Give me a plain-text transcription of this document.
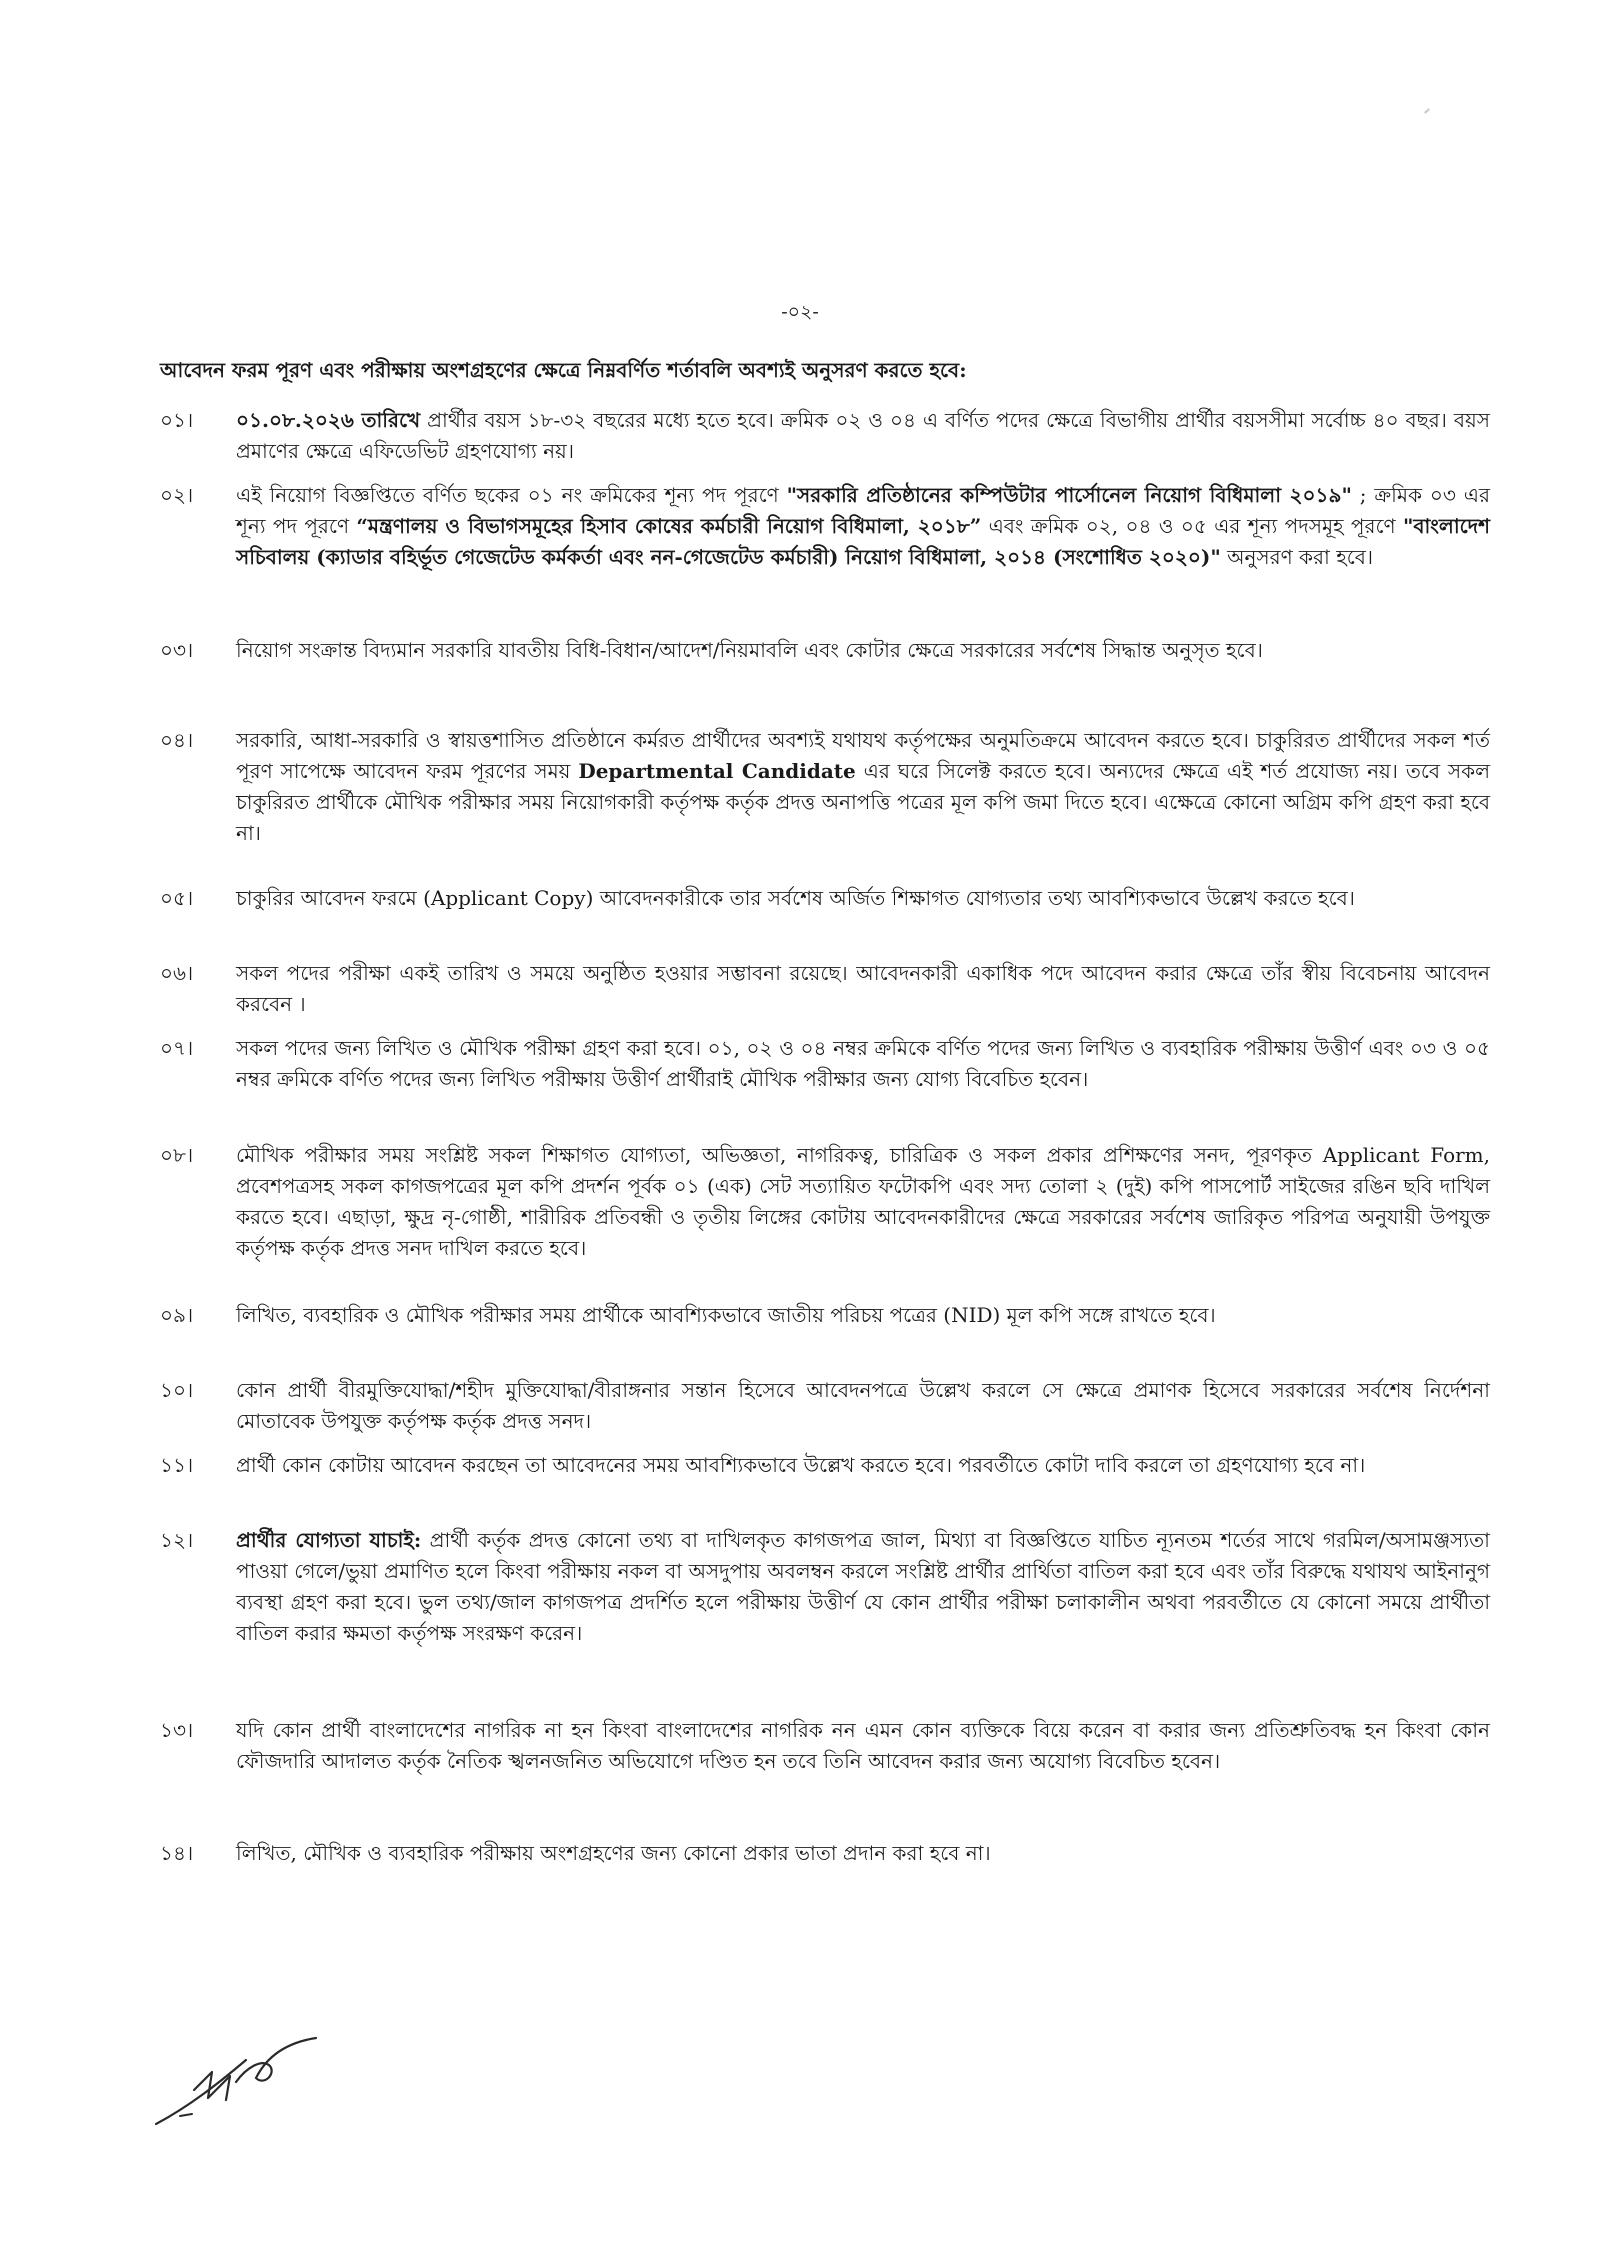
-০২-
আবেদন ফরম পূরণ এবং পরীক্ষায় অংশগ্রহণের ক্ষেত্রে নিম্নবর্ণিত শর্তাবলি অবশ্যই অনুসরণ করতে হবে:
০১।	০১.০৮.২০২৬ তারিখে প্রার্থীর বয়স ১৮-৩২ বছরের মধ্যে হতে হবে। ক্রমিক ০২ ও ০৪ এ বর্ণিত পদের ক্ষেত্রে বিভাগীয় প্রার্থীর বয়সসীমা সর্বোচ্চ ৪০ বছর। বয়স প্রমাণের ক্ষেত্রে এফিডেভিট গ্রহণযোগ্য নয়।
০২।	এই নিয়োগ বিজ্ঞপ্তিতে বর্ণিত ছকের ০১ নং ক্রমিকের শূন্য পদ পূরণে "সরকারি প্রতিষ্ঠানের কম্পিউটার পার্সোনেল নিয়োগ বিধিমালা ২০১৯" ; ক্রমিক ০৩ এর শূন্য পদ পূরণে “মন্ত্রণালয় ও বিভাগসমূহের হিসাব কোষের কর্মচারী নিয়োগ বিধিমালা, ২০১৮” এবং ক্রমিক ০২, ০৪ ও ০৫ এর শূন্য পদসমূহ পূরণে "বাংলাদেশ সচিবালয় (ক্যাডার বহির্ভূত গেজেটেড কর্মকর্তা এবং নন-গেজেটেড কর্মচারী) নিয়োগ বিধিমালা, ২০১৪ (সংশোধিত ২০২০)" অনুসরণ করা হবে।
০৩।	নিয়োগ সংক্রান্ত বিদ্যমান সরকারি যাবতীয় বিধি-বিধান/আদেশ/নিয়মাবলি এবং কোটার ক্ষেত্রে সরকারের সর্বশেষ সিদ্ধান্ত অনুসৃত হবে।
০৪।	সরকারি, আধা-সরকারি ও স্বায়ত্তশাসিত প্রতিষ্ঠানে কর্মরত প্রার্থীদের অবশ্যই যথাযথ কর্তৃপক্ষের অনুমতিক্রমে আবেদন করতে হবে। চাকুরিরত প্রার্থীদের সকল শর্ত পূরণ সাপেক্ষে আবেদন ফরম পূরণের সময় Departmental Candidate এর ঘরে সিলেক্ট করতে হবে। অন্যদের ক্ষেত্রে এই শর্ত প্রযোজ্য নয়। তবে সকল চাকুরিরত প্রার্থীকে মৌখিক পরীক্ষার সময় নিয়োগকারী কর্তৃপক্ষ কর্তৃক প্রদত্ত অনাপত্তি পত্রের মূল কপি জমা দিতে হবে। এক্ষেত্রে কোনো অগ্রিম কপি গ্রহণ করা হবে না।
০৫।	চাকুরির আবেদন ফরমে (Applicant Copy) আবেদনকারীকে তার সর্বশেষ অর্জিত শিক্ষাগত যোগ্যতার তথ্য আবশ্যিকভাবে উল্লেখ করতে হবে।
০৬।	সকল পদের পরীক্ষা একই তারিখ ও সময়ে অনুষ্ঠিত হওয়ার সম্ভাবনা রয়েছে। আবেদনকারী একাধিক পদে আবেদন করার ক্ষেত্রে তাঁর স্বীয় বিবেচনায় আবেদন করবেন ।
০৭।	সকল পদের জন্য লিখিত ও মৌখিক পরীক্ষা গ্রহণ করা হবে। ০১, ০২ ও ০৪ নম্বর ক্রমিকে বর্ণিত পদের জন্য লিখিত ও ব্যবহারিক পরীক্ষায় উত্তীর্ণ এবং ০৩ ও ০৫ নম্বর ক্রমিকে বর্ণিত পদের জন্য লিখিত পরীক্ষায় উত্তীর্ণ প্রার্থীরাই মৌখিক পরীক্ষার জন্য যোগ্য বিবেচিত হবেন।
০৮।	মৌখিক পরীক্ষার সময় সংশ্লিষ্ট সকল শিক্ষাগত যোগ্যতা, অভিজ্ঞতা, নাগরিকত্ব, চারিত্রিক ও সকল প্রকার প্রশিক্ষণের সনদ, পূরণকৃত Applicant Form, প্রবেশপত্রসহ সকল কাগজপত্রের মূল কপি প্রদর্শন পূর্বক ০১ (এক) সেট সত্যায়িত ফটোকপি এবং সদ্য তোলা ২ (দুই) কপি পাসপোর্ট সাইজের রঙিন ছবি দাখিল করতে হবে। এছাড়া, ক্ষুদ্র নৃ-গোষ্ঠী, শারীরিক প্রতিবন্ধী ও তৃতীয় লিঙ্গের কোটায় আবেদনকারীদের ক্ষেত্রে সরকারের সর্বশেষ জারিকৃত পরিপত্র অনুযায়ী উপযুক্ত কর্তৃপক্ষ কর্তৃক প্রদত্ত সনদ দাখিল করতে হবে।
০৯।	লিখিত, ব্যবহারিক ও মৌখিক পরীক্ষার সময় প্রার্থীকে আবশ্যিকভাবে জাতীয় পরিচয় পত্রের (NID) মূল কপি সঙ্গে রাখতে হবে।
১০।	কোন প্রার্থী বীরমুক্তিযোদ্ধা/শহীদ মুক্তিযোদ্ধা/বীরাঙ্গনার সন্তান হিসেবে আবেদনপত্রে উল্লেখ করলে সে ক্ষেত্রে প্রমাণক হিসেবে সরকারের সর্বশেষ নির্দেশনা মোতাবেক উপযুক্ত কর্তৃপক্ষ কর্তৃক প্রদত্ত সনদ।
১১।	প্রার্থী কোন কোটায় আবেদন করছেন তা আবেদনের সময় আবশ্যিকভাবে উল্লেখ করতে হবে। পরবর্তীতে কোটা দাবি করলে তা গ্রহণযোগ্য হবে না।
১২।	প্রার্থীর যোগ্যতা যাচাই: প্রার্থী কর্তৃক প্রদত্ত কোনো তথ্য বা দাখিলকৃত কাগজপত্র জাল, মিথ্যা বা বিজ্ঞপ্তিতে যাচিত ন্যূনতম শর্তের সাথে গরমিল/অসামঞ্জস্যতা পাওয়া গেলে/ভুয়া প্রমাণিত হলে কিংবা পরীক্ষায় নকল বা অসদুপায় অবলম্বন করলে সংশ্লিষ্ট প্রার্থীর প্রার্থিতা বাতিল করা হবে এবং তাঁর বিরুদ্ধে যথাযথ আইনানুগ ব্যবস্থা গ্রহণ করা হবে। ভুল তথ্য/জাল কাগজপত্র প্রদর্শিত হলে পরীক্ষায় উত্তীর্ণ যে কোন প্রার্থীর পরীক্ষা চলাকালীন অথবা পরবর্তীতে যে কোনো সময়ে প্রার্থীতা বাতিল করার ক্ষমতা কর্তৃপক্ষ সংরক্ষণ করেন।
১৩।	যদি কোন প্রার্থী বাংলাদেশের নাগরিক না হন কিংবা বাংলাদেশের নাগরিক নন এমন কোন ব্যক্তিকে বিয়ে করেন বা করার জন্য প্রতিশ্রুতিবদ্ধ হন কিংবা কোন ফৌজদারি আদালত কর্তৃক নৈতিক স্খলনজনিত অভিযোগে দণ্ডিত হন তবে তিনি আবেদন করার জন্য অযোগ্য বিবেচিত হবেন।
১৪।	লিখিত, মৌখিক ও ব্যবহারিক পরীক্ষায় অংশগ্রহণের জন্য কোনো প্রকার ভাতা প্রদান করা হবে না।
